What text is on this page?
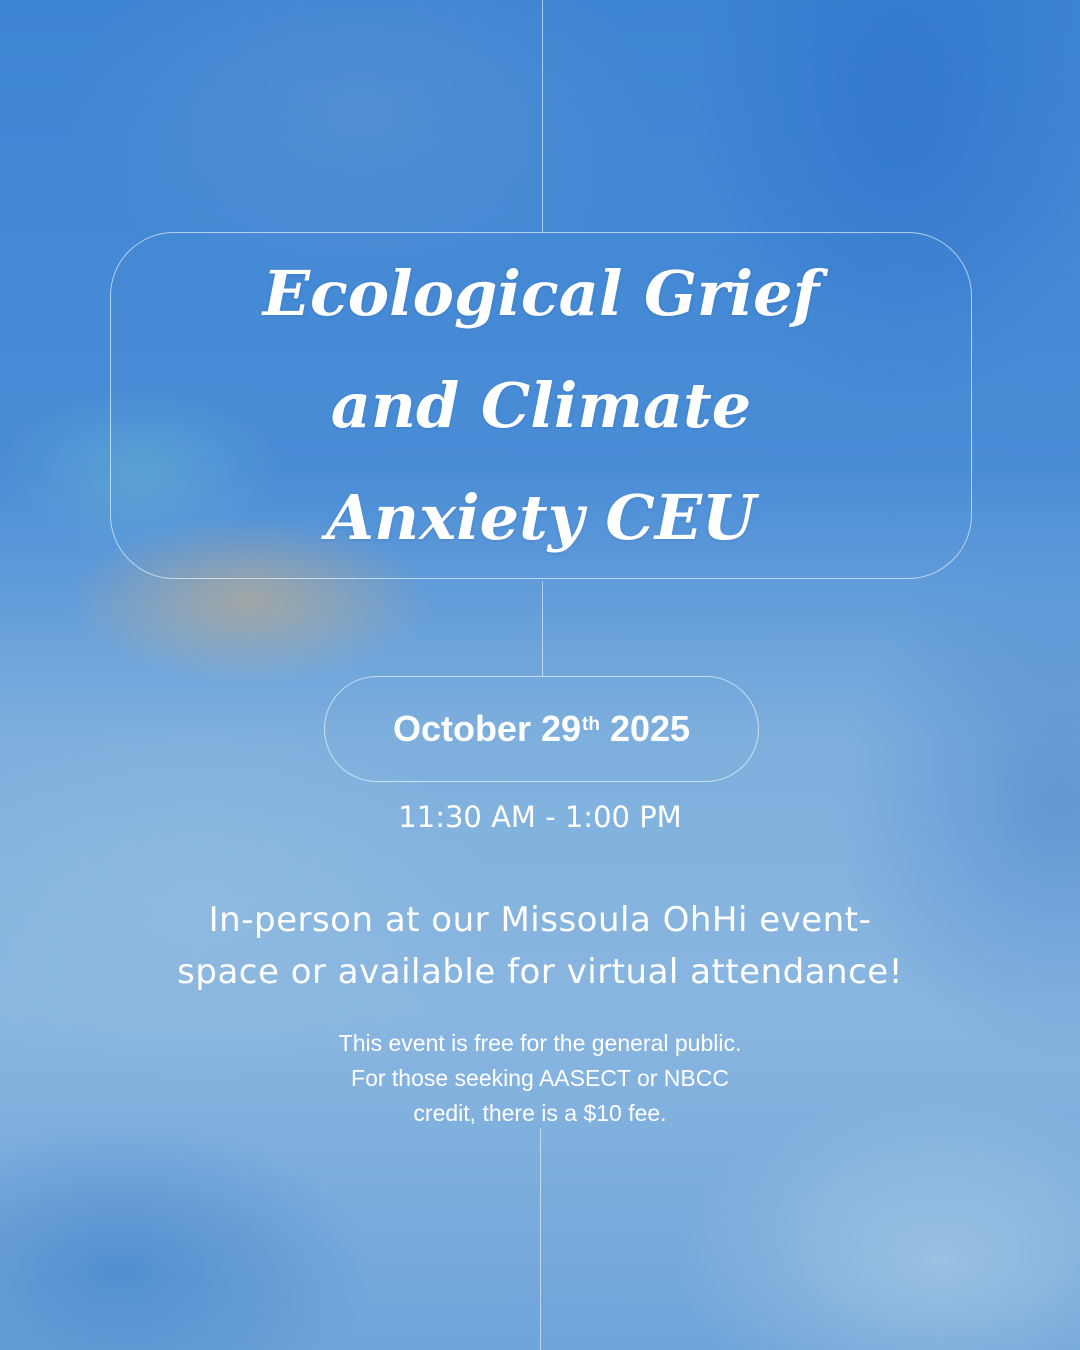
Ecological Grief
and Climate
Anxiety CEU
October 29th
2025
11:30 AM - 1:00 PM
In-person at our Missoula OhHi event-
space or available for virtual attendance!
This event is free for the general public.
For those seeking AASECT or NBCC
credit, there is a $10 fee.
